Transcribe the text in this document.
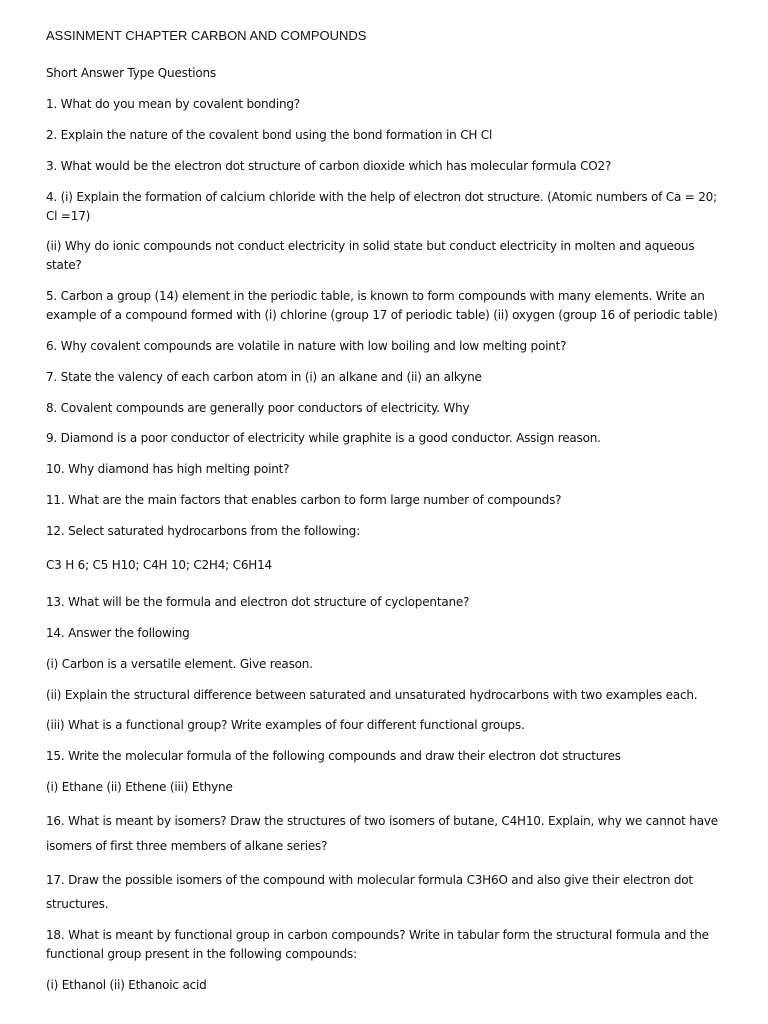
ASSINMENT CHAPTER CARBON AND COMPOUNDS
Short Answer Type Questions
1. What do you mean by covalent bonding?
2. Explain the nature of the covalent bond using the bond formation in CH Cl
3. What would be the electron dot structure of carbon dioxide which has molecular formula CO2?
4. (i) Explain the formation of calcium chloride with the help of electron dot structure. (Atomic numbers of Ca = 20;
Cl =17)
(ii) Why do ionic compounds not conduct electricity in solid state but conduct electricity in molten and aqueous
state?
5. Carbon a group (14) element in the periodic table, is known to form compounds with many elements. Write an
example of a compound formed with (i) chlorine (group 17 of periodic table) (ii) oxygen (group 16 of periodic table)
6. Why covalent compounds are volatile in nature with low boiling and low melting point?
7. State the valency of each carbon atom in (i) an alkane and (ii) an alkyne
8. Covalent compounds are generally poor conductors of electricity. Why
9. Diamond is a poor conductor of electricity while graphite is a good conductor. Assign reason.
10. Why diamond has high melting point?
11. What are the main factors that enables carbon to form large number of compounds?
12. Select saturated hydrocarbons from the following:
C3 H 6; C5 H10; C4H 10; C2H4; C6H14
13. What will be the formula and electron dot structure of cyclopentane?
14. Answer the following
(i) Carbon is a versatile element. Give reason.
(ii) Explain the structural difference between saturated and unsaturated hydrocarbons with two examples each.
(iii) What is a functional group? Write examples of four different functional groups.
15. Write the molecular formula of the following compounds and draw their electron dot structures
(i) Ethane (ii) Ethene (iii) Ethyne
16. What is meant by isomers? Draw the structures of two isomers of butane, C4H10. Explain, why we cannot have
isomers of first three members of alkane series?
17. Draw the possible isomers of the compound with molecular formula C3H6O and also give their electron dot
structures.
18. What is meant by functional group in carbon compounds? Write in tabular form the structural formula and the
functional group present in the following compounds:
(i) Ethanol (ii) Ethanoic acid
